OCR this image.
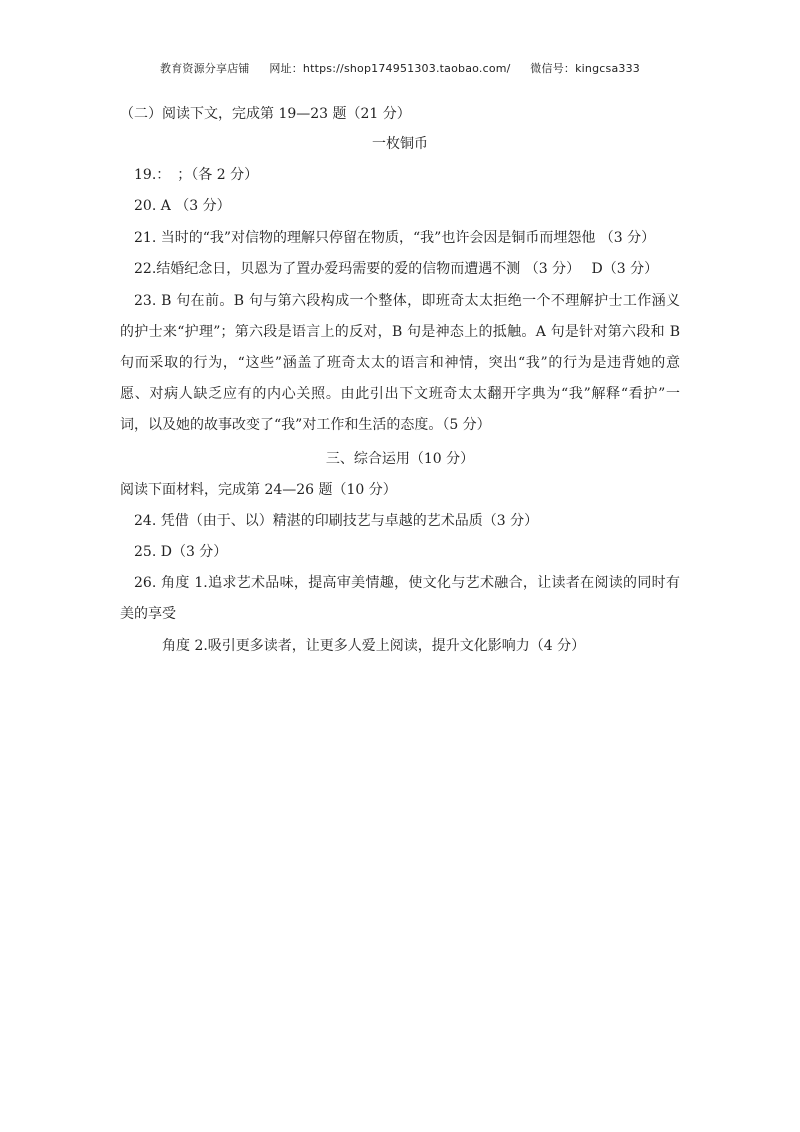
教育资源分享店铺 网址：https://shop174951303.taobao.com/ 微信号：kingcsa333
（二）阅读下文，完成第 19—23 题（21 分）
一枚铜币
19.：　；（各 2 分）
20. A （3 分）
21. 当时的“我”对信物的理解只停留在物质，“我”也许会因是铜币而埋怨他 （3 分）
22.结婚纪念日，贝恩为了置办爱玛需要的爱的信物而遭遇不测 （3 分）　 D（3 分）
23. B 句在前。B 句与第六段构成一个整体，即班奇太太拒绝一个不理解护士工作涵义的护士来“护理”；第六段是语言上的反对，B 句是神态上的抵触。A 句是针对第六段和 B 句而采取的行为，“这些”涵盖了班奇太太的语言和神情，突出“我”的行为是违背她的意愿、对病人缺乏应有的内心关照。由此引出下文班奇太太翻开字典为“我”解释“看护”一词，以及她的故事改变了“我”对工作和生活的态度。（5 分）
三、综合运用（10 分）
阅读下面材料，完成第 24—26 题（10 分）
24. 凭借（由于、以）精湛的印刷技艺与卓越的艺术品质（3 分）
25. D（3 分）
26. 角度 1.追求艺术品味，提高审美情趣，使文化与艺术融合，让读者在阅读的同时有美的享受
角度 2.吸引更多读者，让更多人爱上阅读，提升文化影响力（4 分）
